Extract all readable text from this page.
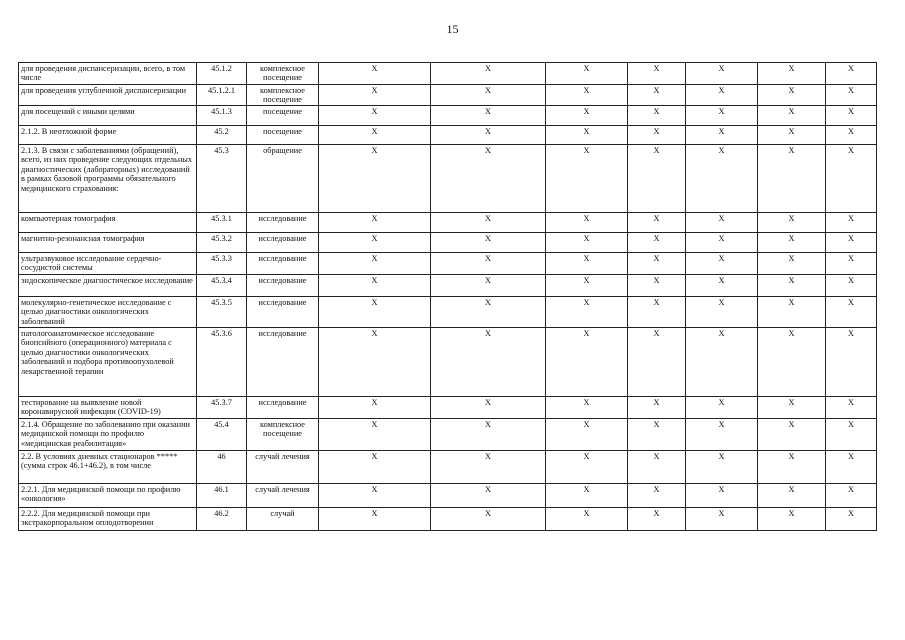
15
для проведения диспансеризации, всего, в том числе	45.1.2	комплексное посещение	X	X	X	X	X	X	X
для проведения углубленной диспансеризации	45.1.2.1	комплексное посещение	X	X	X	X	X	X	X
для посещений с иными целями	45.1.3	посещение	X	X	X	X	X	X	X
2.1.2. В неотложной форме	45.2	посещение	X	X	X	X	X	X	X
2.1.3. В связи с заболеваниями (обращений), всего, из них проведение следующих отдельных диагностических (лабораторных) исследований в рамках базовой программы обязательного медицинского страхования:	45.3	обращение	X	X	X	X	X	X	X
компьютерная томография	45.3.1	исследование	X	X	X	X	X	X	X
магнитно-резонансная томография	45.3.2	исследование	X	X	X	X	X	X	X
ультразвуковое исследование сердечно-сосудистой системы	45.3.3	исследование	X	X	X	X	X	X	X
эндоскопическое диагностическое исследование	45.3.4	исследование	X	X	X	X	X	X	X
молекулярно-генетическое исследование с целью диагностики онкологических заболеваний	45.3.5	исследование	X	X	X	X	X	X	X
патологоанатомическое исследование биопсийного (операционного) материала с целью диагностики онкологических заболеваний и подбора противоопухолевой лекарственной терапии	45.3.6	исследование	X	X	X	X	X	X	X
тестирование на выявление новой коронавирусной инфекции (COVID-19)	45.3.7	исследование	X	X	X	X	X	X	X
2.1.4. Обращение по заболеванию при оказании медицинской помощи по профилю «медицинская реабилитация»	45.4	комплексное посещение	X	X	X	X	X	X	X
2.2. В условиях дневных стационаров *****(сумма строк 46.1+46.2), в том числе	46	случай лечения	X	X	X	X	X	X	X
2.2.1. Для медицинской помощи по профилю «онкология»	46.1	случай лечения	X	X	X	X	X	X	X
2.2.2. Для медицинской помощи при экстракорпоральном оплодотворении	46.2	случай	X	X	X	X	X	X	X
